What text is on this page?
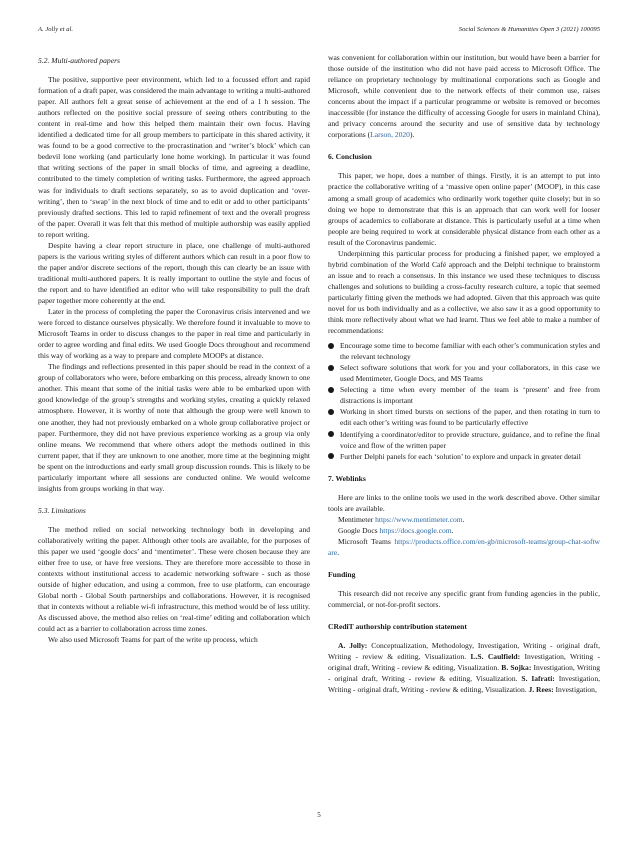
A. Jolly et al.	Social Sciences & Humanities Open 3 (2021) 100095

5.2. Multi-authored papers

The positive, supportive peer environment, which led to a focussed effort and rapid formation of a draft paper, was considered the main advantage to writing a multi-authored paper. All authors felt a great sense of achievement at the end of a 1 h session. The authors reflected on the positive social pressure of seeing others contributing to the content in real-time and how this helped them maintain their own focus. Having identified a dedicated time for all group members to participate in this shared activity, it was found to be a good corrective to the procrastination and ‘writer’s block’ which can bedevil lone working (and particularly lone home working). In particular it was found that writing sections of the paper in small blocks of time, and agreeing a deadline, contributed to the timely completion of writing tasks. Furthermore, the agreed approach was for individuals to draft sections separately, so as to avoid duplication and ‘over-writing’, then to ‘swap’ in the next block of time and to edit or add to other participants’ previously drafted sections. This led to rapid refinement of text and the overall progress of the paper. Overall it was felt that this method of multiple authorship was easily applied to report writing.

Despite having a clear report structure in place, one challenge of multi-authored papers is the various writing styles of different authors which can result in a poor flow to the paper and/or discrete sections of the report, though this can clearly be an issue with traditional multi-authored papers. It is really important to outline the style and focus of the report and to have identified an editor who will take responsibility to pull the draft paper together more coherently at the end.

Later in the process of completing the paper the Coronavirus crisis intervened and we were forced to distance ourselves physically. We therefore found it invaluable to move to Microsoft Teams in order to discuss changes to the paper in real time and particularly in order to agree wording and final edits. We used Google Docs throughout and recommend this way of working as a way to prepare and complete MOOPs at distance.

The findings and reflections presented in this paper should be read in the context of a group of collaborators who were, before embarking on this process, already known to one another. This meant that some of the initial tasks were able to be embarked upon with good knowledge of the group’s strengths and working styles, creating a quickly relaxed atmosphere. However, it is worthy of note that although the group were well known to one another, they had not previously embarked on a whole group collaborative project or paper. Furthermore, they did not have previous experience working as a group via only online means. We recommend that where others adopt the methods outlined in this current paper, that if they are unknown to one another, more time at the beginning might be spent on the introductions and early small group discussion rounds. This is likely to be particularly important where all sessions are conducted online. We would welcome insights from groups working in that way.

5.3. Limitations

The method relied on social networking technology both in developing and collaboratively writing the paper. Although other tools are available, for the purposes of this paper we used ‘google docs’ and ‘mentimeter’. These were chosen because they are either free to use, or have free versions. They are therefore more accessible to those in contexts without institutional access to academic networking software - such as those outside of higher education, and using a common, free to use platform, can encourage Global north - Global South partnerships and collaborations. However, it is recognised that in contexts without a reliable wi-fi infrastructure, this method would be of less utility. As discussed above, the method also relies on ‘real-time’ editing and collaboration which could act as a barrier to collaboration across time zones.

We also used Microsoft Teams for part of the write up process, which

was convenient for collaboration within our institution, but would have been a barrier for those outside of the institution who did not have paid access to Microsoft Office. The reliance on proprietary technology by multinational corporations such as Google and Microsoft, while convenient due to the network effects of their common use, raises concerns about the impact if a particular programme or website is removed or becomes inaccessible (for instance the difficulty of accessing Google for users in mainland China), and privacy concerns around the security and use of sensitive data by technology corporations (Larson, 2020).

6. Conclusion

This paper, we hope, does a number of things. Firstly, it is an attempt to put into practice the collaborative writing of a ‘massive open online paper’ (MOOP), in this case among a small group of academics who ordinarily work together quite closely; but in so doing we hope to demonstrate that this is an approach that can work well for looser groups of academics to collaborate at distance. This is particularly useful at a time when people are being required to work at considerable physical distance from each other as a result of the Coronavirus pandemic.

Underpinning this particular process for producing a finished paper, we employed a hybrid combination of the World Café approach and the Delphi technique to brainstorm an issue and to reach a consensus. In this instance we used these techniques to discuss challenges and solutions to building a cross-faculty research culture, a topic that seemed particularly fitting given the methods we had adopted. Given that this approach was quite novel for us both individually and as a collective, we also saw it as a good opportunity to think more reflectively about what we had learnt. Thus we feel able to make a number of recommendations:

Encourage some time to become familiar with each other’s communication styles and the relevant technology
Select software solutions that work for you and your collaborators, in this case we used Mentimeter, Google Docs, and MS Teams
Selecting a time when every member of the team is ‘present’ and free from distractions is important
Working in short timed bursts on sections of the paper, and then rotating in turn to edit each other’s writing was found to be particularly effective
Identifying a coordinator/editor to provide structure, guidance, and to refine the final voice and flow of the written paper
Further Delphi panels for each ‘solution’ to explore and unpack in greater detail

7. Weblinks

Here are links to the online tools we used in the work described above. Other similar tools are available.

Mentimeter https://www.mentimeter.com.

Google Docs https://docs.google.com.

Microsoft Teams https://products.office.com/en-gb/microsoft-teams/group-chat-software.

Funding

This research did not receive any specific grant from funding agencies in the public, commercial, or not-for-profit sectors.

CRediT authorship contribution statement

A. Jolly: Conceptualization, Methodology, Investigation, Writing - original draft, Writing - review & editing, Visualization. L.S. Caulfield: Investigation, Writing - original draft, Writing - review & editing, Visualization. B. Sojka: Investigation, Writing - original draft, Writing - review & editing, Visualization. S. Iafrati: Investigation, Writing - original draft, Writing - review & editing, Visualization. J. Rees: Investigation,

5
